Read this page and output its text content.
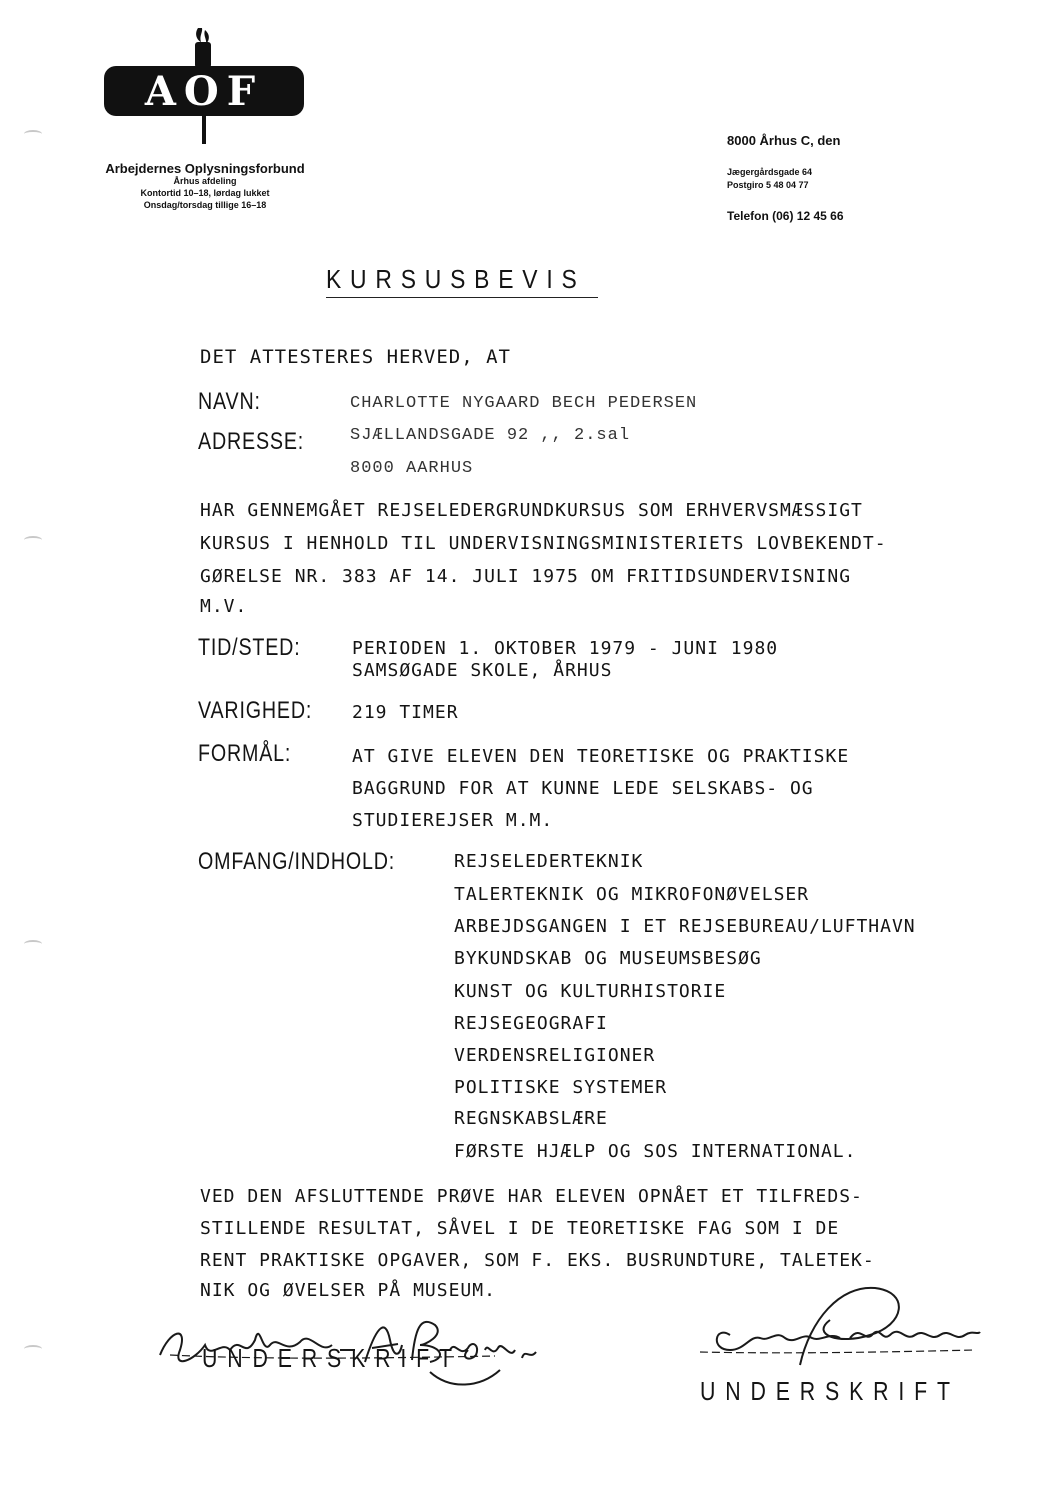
AOF
Arbejdernes Oplysningsforbund
Århus afdeling
Kontortid 10–18, lørdag lukket
Onsdag/torsdag tillige 16–18
8000 Århus C, den
Jægergårdsgade 64
Postgiro 5 48 04 77
Telefon (06) 12 45 66
KURSUSBEVIS
DET ATTESTERES HERVED, AT
NAVN:	CHARLOTTE NYGAARD BECH PEDERSEN
ADRESSE:	SJÆLLANDSGADE 92 ,, 2.sal
8000 AARHUS
HAR GENNEMGÅET REJSELEDERGRUNDKURSUS SOM ERHVERVSMÆSSIGT
KURSUS I HENHOLD TIL UNDERVISNINGSMINISTERIETS LOVBEKENDT-
GØRELSE NR. 383 AF 14. JULI 1975 OM FRITIDSUNDERVISNING
M.V.
TID/STED:	PERIODEN 1. OKTOBER 1979 - JUNI 1980
SAMSØGADE SKOLE, ÅRHUS
VARIGHED: 219 TIMER
FORMÅL:	AT GIVE ELEVEN DEN TEORETISKE OG PRAKTISKE
BAGGRUND FOR AT KUNNE LEDE SELSKABS- OG
STUDIEREJSER M.M.
OMFANG/INDHOLD:	REJSELEDERTEKNIK
TALERTEKNIK OG MIKROFONØVELSER
ARBEJDSGANGEN I ET REJSEBUREAU/LUFTHAVN
BYKUNDSKAB OG MUSEUMSBESØG
KUNST OG KULTURHISTORIE
REJSEGEOGRAFI
VERDENSRELIGIONER
POLITISKE SYSTEMER
REGNSKABSLÆRE
FØRSTE HJÆLP OG SOS INTERNATIONAL.
VED DEN AFSLUTTENDE PRØVE HAR ELEVEN OPNÅET ET TILFREDS-
STILLENDE RESULTAT, SÅVEL I DE TEORETISKE FAG SOM I DE
RENT PRAKTISKE OPGAVER, SOM F. EKS. BUSRUNDTURE, TALETEK-
NIK OG ØVELSER PÅ MUSEUM.
UNDERSKRIFT
UNDERSKRIFT
